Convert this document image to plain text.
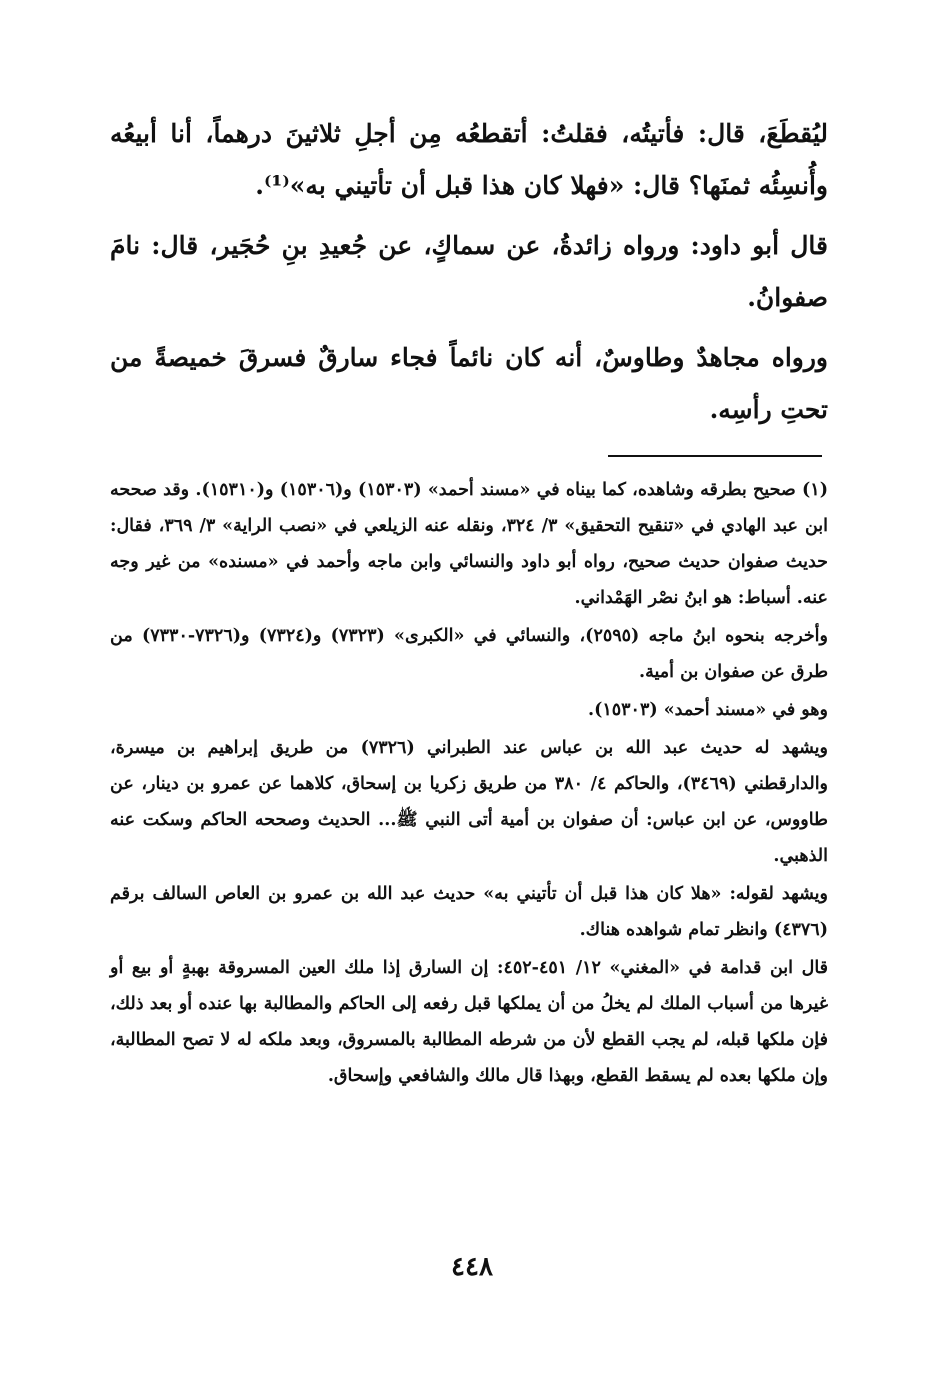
ليُقطَعَ، قال: فأتيتُه، فقلتُ: أتقطعُه مِن أجلِ ثلاثينَ درهماً، أنا أبيعُه وأُنسِئُه ثمنَها؟ قال: «فهلا كان هذا قبل أن تأتيني به»⁽¹⁾.

قال أبو داود: ورواه زائدةُ، عن سماكٍ، عن جُعيدِ بنِ حُجَير، قال: نامَ صفوانُ.

ورواه مجاهدٌ وطاوسٌ، أنه كان نائماً فجاء سارقٌ فسرقَ خميصةً من تحتِ رأسِه.

(١) صحيح بطرقه وشاهده، كما بيناه في «مسند أحمد» (١٥٣٠٣) و(١٥٣٠٦) و(١٥٣١٠). وقد صححه ابن عبد الهادي في «تنقيح التحقيق» ٣/ ٣٢٤، ونقله عنه الزيلعي في «نصب الراية» ٣/ ٣٦٩، فقال: حديث صفوان حديث صحيح، رواه أبو داود والنسائي وابن ماجه وأحمد في «مسنده» من غير وجه عنه. أسباط: هو ابنُ نصْر الهَمْداني.

وأخرجه بنحوه ابنُ ماجه (٢٥٩٥)، والنسائي في «الكبرى» (٧٣٢٣) و(٧٣٢٤) و(٧٣٢٦-٧٣٣٠) من طرق عن صفوان بن أمية.

وهو في «مسند أحمد» (١٥٣٠٣).

ويشهد له حديث عبد الله بن عباس عند الطبراني (٧٣٢٦) من طريق إبراهيم بن ميسرة، والدارقطني (٣٤٦٩)، والحاكم ٤/ ٣٨٠ من طريق زكريا بن إسحاق، كلاهما عن عمرو بن دينار، عن طاووس، عن ابن عباس: أن صفوان بن أمية أتى النبي ﷺ... الحديث وصححه الحاكم وسكت عنه الذهبي.

ويشهد لقوله: «هلا كان هذا قبل أن تأتيني به» حديث عبد الله بن عمرو بن العاص السالف برقم (٤٣٧٦) وانظر تمام شواهده هناك.

قال ابن قدامة في «المغني» ١٢/ ٤٥١-٤٥٢: إن السارق إذا ملك العين المسروقة بهبةٍ أو بيع أو غيرها من أسباب الملك لم يخلُ من أن يملكها قبل رفعه إلى الحاكم والمطالبة بها عنده أو بعد ذلك، فإن ملكها قبله، لم يجب القطع لأن من شرطه المطالبة بالمسروق، وبعد ملكه له لا تصح المطالبة، وإن ملكها بعده لم يسقط القطع، وبهذا قال مالك والشافعي وإسحاق.

٤٤٨
